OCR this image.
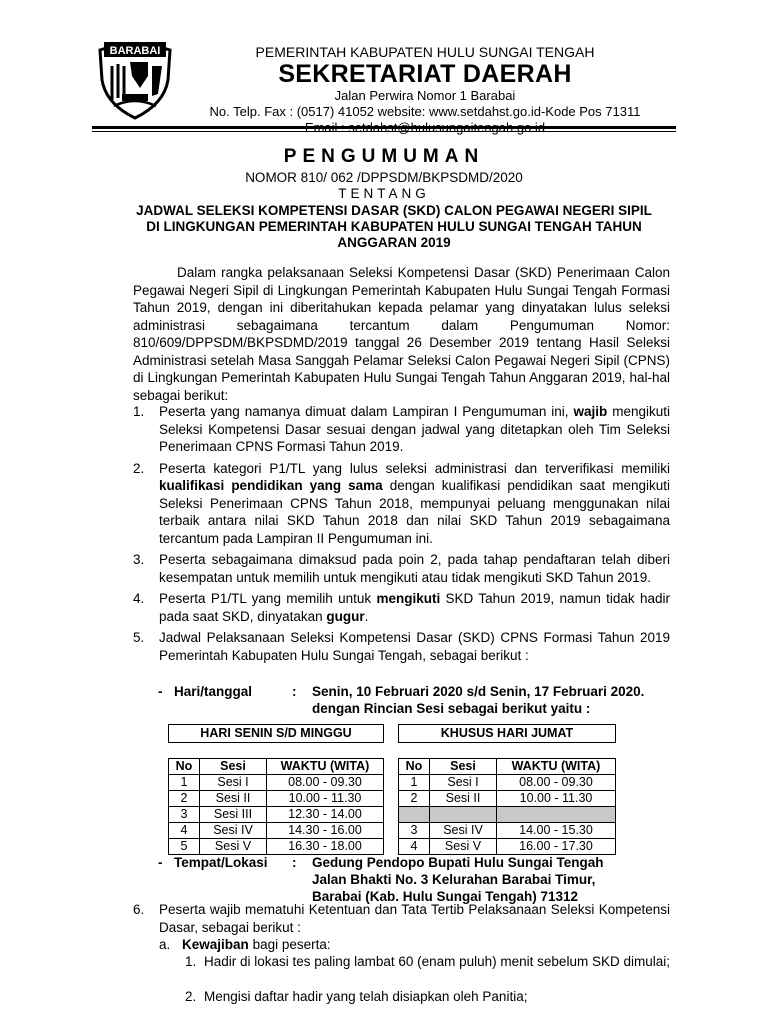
BARABAI	PEMERINTAH KABUPATEN HULU SUNGAI TENGAH
SEKRETARIAT DAERAH
Jalan Perwira Nomor 1 Barabai
No. Telp. Fax : (0517) 41052 website: www.setdahst.go.id-Kode Pos 71311
PENGUMUMAN
NOMOR 810/ 062 /DPPSDM/BKPSDMD/2020
TENTANG
JADWAL SELEKSI KOMPETENSI DASAR (SKD) CALON PEGAWAI NEGERI SIPIL DI LINGKUNGAN PEMERINTAH KABUPATEN HULU SUNGAI TENGAH TAHUN ANGGARAN 2019
Dalam rangka pelaksanaan Seleksi Kompetensi Dasar (SKD) Penerimaan Calon Pegawai Negeri Sipil di Lingkungan Pemerintah Kabupaten Hulu Sungai Tengah Formasi Tahun 2019, dengan ini diberitahukan kepada pelamar yang dinyatakan lulus seleksi administrasi sebagaimana tercantum dalam Pengumuman Nomor: 810/609/DPPSDM/BKPSDMD/2019 tanggal 26 Desember 2019 tentang Hasil Seleksi Administrasi setelah Masa Sanggah Pelamar Seleksi Calon Pegawai Negeri Sipil (CPNS) di Lingkungan Pemerintah Kabupaten Hulu Sungai Tengah Tahun Anggaran 2019, hal-hal sebagai berikut:
1. Peserta yang namanya dimuat dalam Lampiran I Pengumuman ini, wajib mengikuti Seleksi Kompetensi Dasar sesuai dengan jadwal yang ditetapkan oleh Tim Seleksi Penerimaan CPNS Formasi Tahun 2019.
2. Peserta kategori P1/TL yang lulus seleksi administrasi dan terverifikasi memiliki kualifikasi pendidikan yang sama dengan kualifikasi pendidikan saat mengikuti Seleksi Penerimaan CPNS Tahun 2018, mempunyai peluang menggunakan nilai terbaik antara nilai SKD Tahun 2018 dan nilai SKD Tahun 2019 sebagaimana tercantum pada Lampiran II Pengumuman ini.
3. Peserta sebagaimana dimaksud pada poin 2, pada tahap pendaftaran telah diberi kesempatan untuk memilih untuk mengikuti atau tidak mengikuti SKD Tahun 2019.
4. Peserta P1/TL yang memilih untuk mengikuti SKD Tahun 2019, namun tidak hadir pada saat SKD, dinyatakan gugur.
5. Jadwal Pelaksanaan Seleksi Kompetensi Dasar (SKD) CPNS Formasi Tahun 2019 Pemerintah Kabupaten Hulu Sungai Tengah, sebagai berikut :
- Hari/tanggal	: Senin, 10 Februari 2020 s/d Senin, 17 Februari 2020.
dengan Rincian Sesi sebagai berikut yaitu :
HARI SENIN S/D MINGGU		

No	Sesi	WAKTU (WITA)
1	Sesi I	08.00 - 09.30
2	Sesi II	10.00 - 11.30
3	Sesi III	12.30 - 14.00
4	Sesi IV	14.30 - 16.00
5	Sesi V	16.30 - 18.00
KHUSUS HARI JUMAT		

No	Sesi	WAKTU (WITA)
1	Sesi I	08.00 - 09.30
2	Sesi II	10.00 - 11.30

3	Sesi IV	14.00 - 15.30
4	Sesi V	16.00 - 17.30
- Tempat/Lokasi : Gedung Pendopo Bupati Hulu Sungai Tengah
Jalan Bhakti No. 3 Kelurahan Barabai Timur,
Barabai (Kab. Hulu Sungai Tengah) 71312
6.	Peserta wajib mematuhi Ketentuan dan Tata Tertib Pelaksanaan Seleksi Kompetensi Dasar, sebagai berikut :
a. Kewajiban bagi peserta:
1. Hadir di lokasi tes paling lambat 60 (enam puluh) menit sebelum SKD dimulai;
2. Mengisi daftar hadir yang telah disiapkan oleh Panitia;
